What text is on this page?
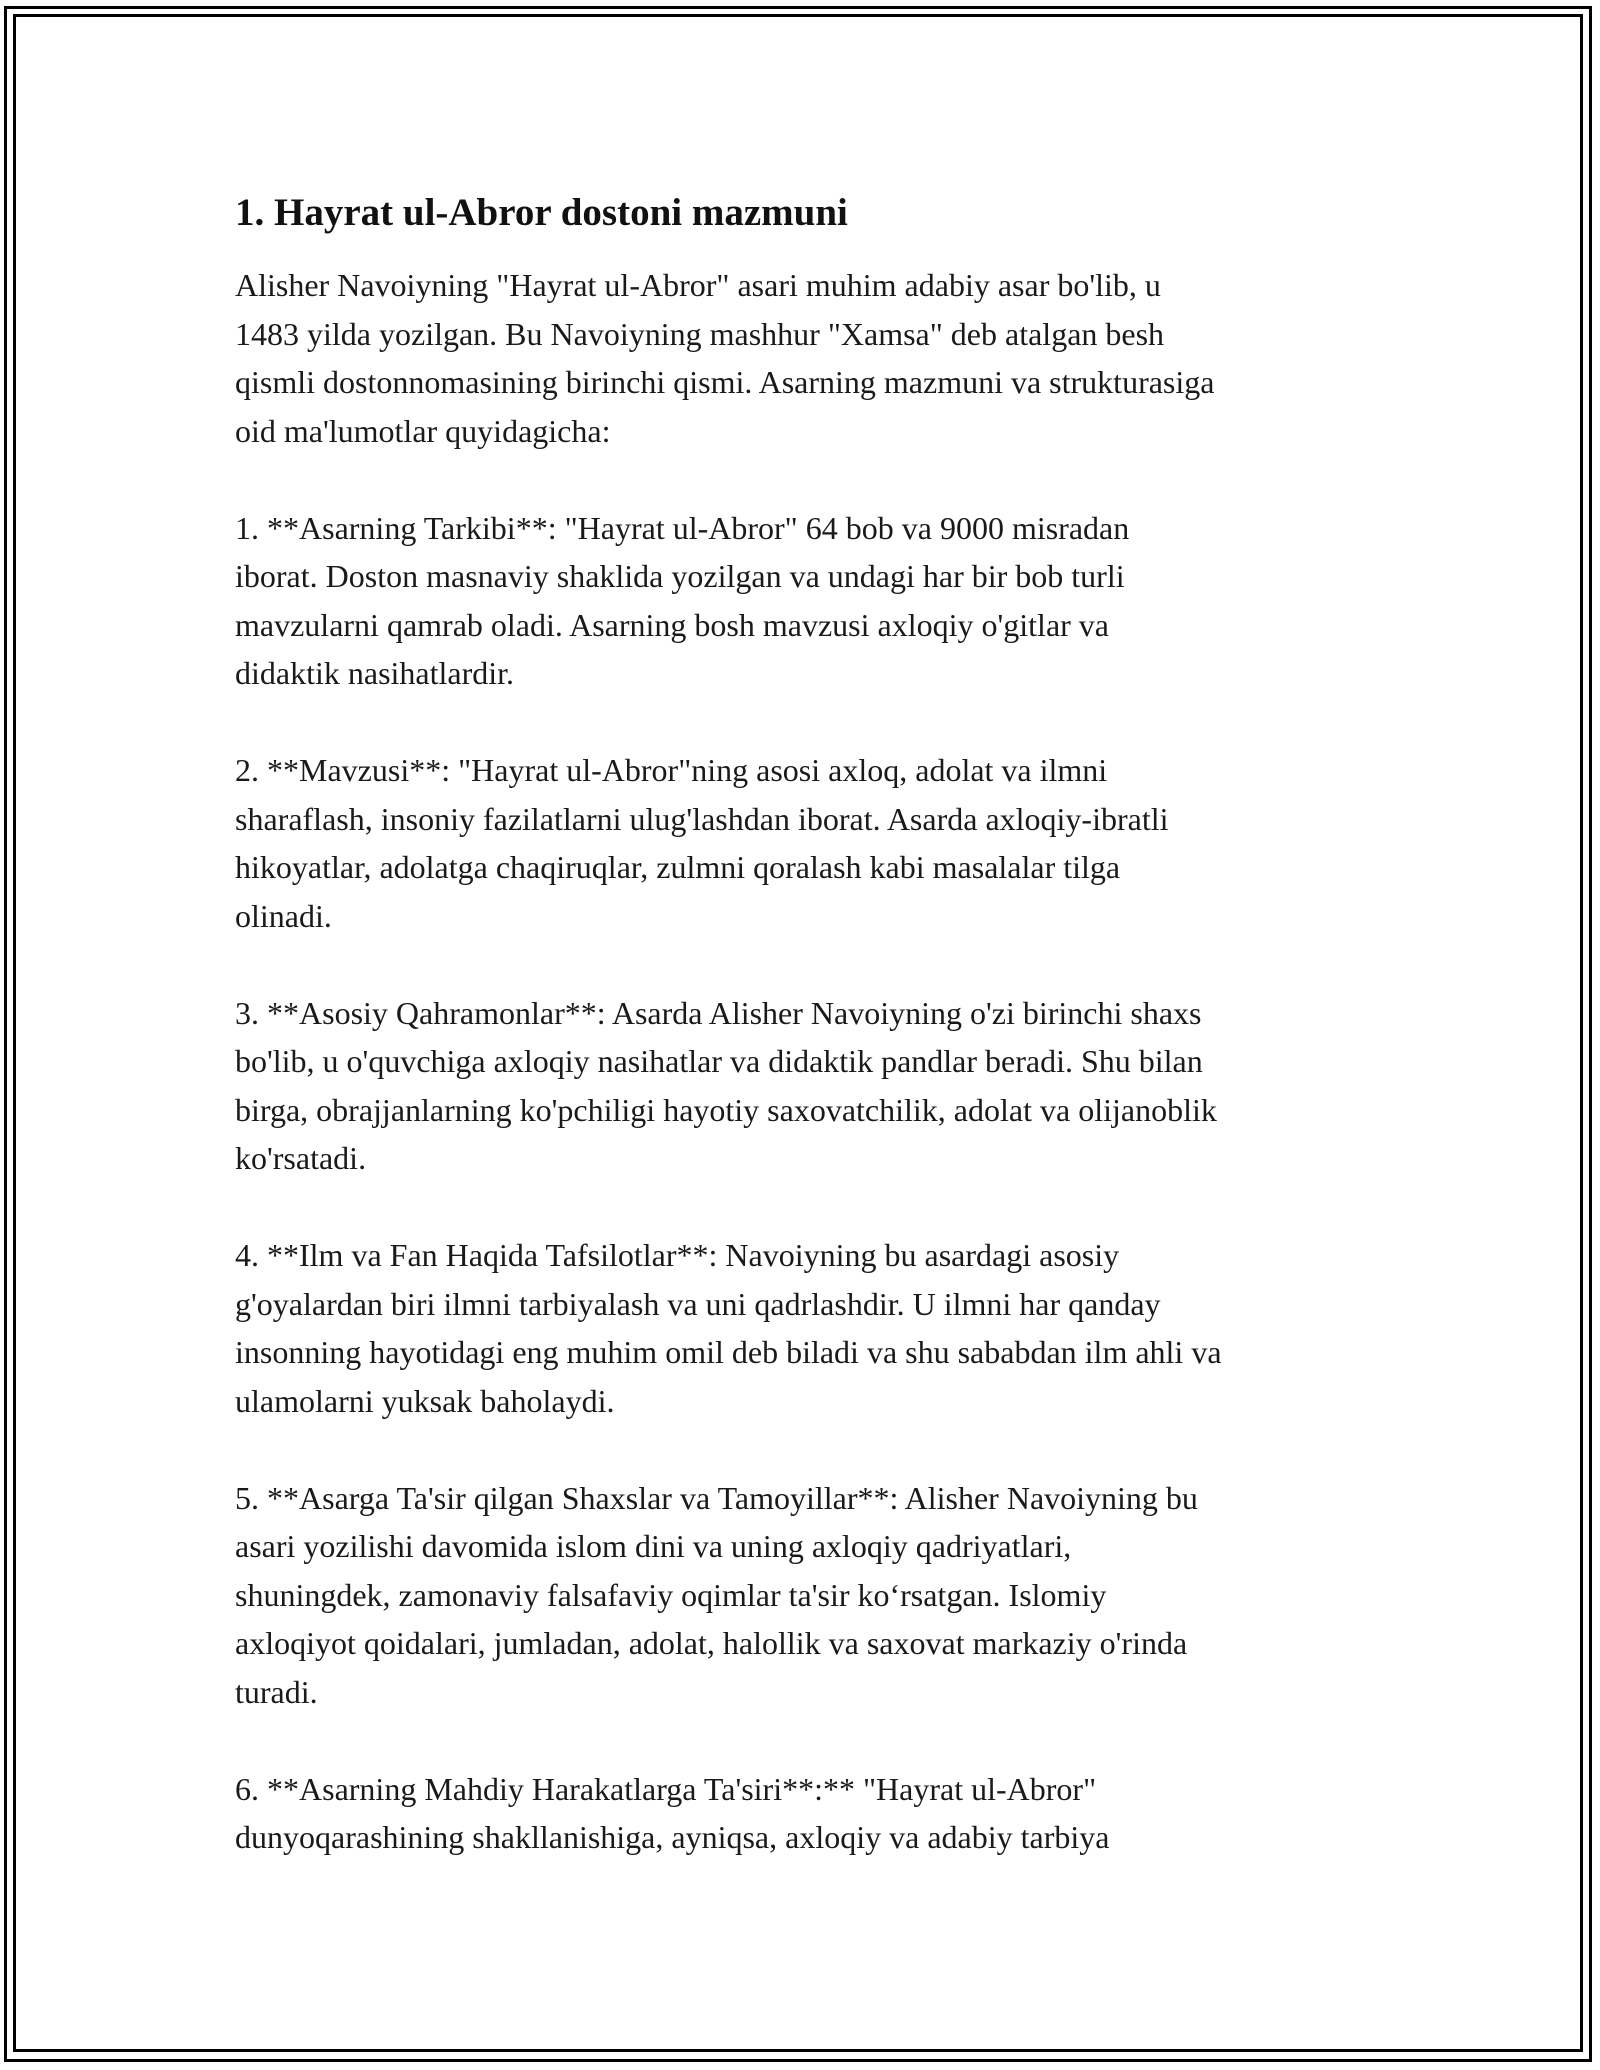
1. Hayrat ul-Abror dostoni mazmuni

Alisher Navoiyning "Hayrat ul-Abror" asari muhim adabiy asar bo'lib, u
1483 yilda yozilgan. Bu Navoiyning mashhur "Xamsa" deb atalgan besh
qismli dostonnomasining birinchi qismi. Asarning mazmuni va strukturasiga
oid ma'lumotlar quyidagicha:

1. **Asarning Tarkibi**: "Hayrat ul-Abror" 64 bob va 9000 misradan
iborat. Doston masnaviy shaklida yozilgan va undagi har bir bob turli
mavzularni qamrab oladi. Asarning bosh mavzusi axloqiy o'gitlar va
didaktik nasihatlardir.

2. **Mavzusi**: "Hayrat ul-Abror"ning asosi axloq, adolat va ilmni
sharaflash, insoniy fazilatlarni ulug'lashdan iborat. Asarda axloqiy-ibratli
hikoyatlar, adolatga chaqiruqlar, zulmni qoralash kabi masalalar tilga
olinadi.

3. **Asosiy Qahramonlar**: Asarda Alisher Navoiyning o'zi birinchi shaxs
bo'lib, u o'quvchiga axloqiy nasihatlar va didaktik pandlar beradi. Shu bilan
birga, obrajjanlarning ko'pchiligi hayotiy saxovatchilik, adolat va olijanoblik
ko'rsatadi.

4. **Ilm va Fan Haqida Tafsilotlar**: Navoiyning bu asardagi asosiy
g'oyalardan biri ilmni tarbiyalash va uni qadrlashdir. U ilmni har qanday
insonning hayotidagi eng muhim omil deb biladi va shu sababdan ilm ahli va
ulamolarni yuksak baholaydi.

5. **Asarga Ta'sir qilgan Shaxslar va Tamoyillar**: Alisher Navoiyning bu
asari yozilishi davomida islom dini va uning axloqiy qadriyatlari,
shuningdek, zamonaviy falsafaviy oqimlar ta'sir ko‘rsatgan. Islomiy
axloqiyot qoidalari, jumladan, adolat, halollik va saxovat markaziy o'rinda
turadi.

6. **Asarning Mahdiy Harakatlarga Ta'siri**:** "Hayrat ul-Abror"
dunyoqarashining shakllanishiga, ayniqsa, axloqiy va adabiy tarbiya
